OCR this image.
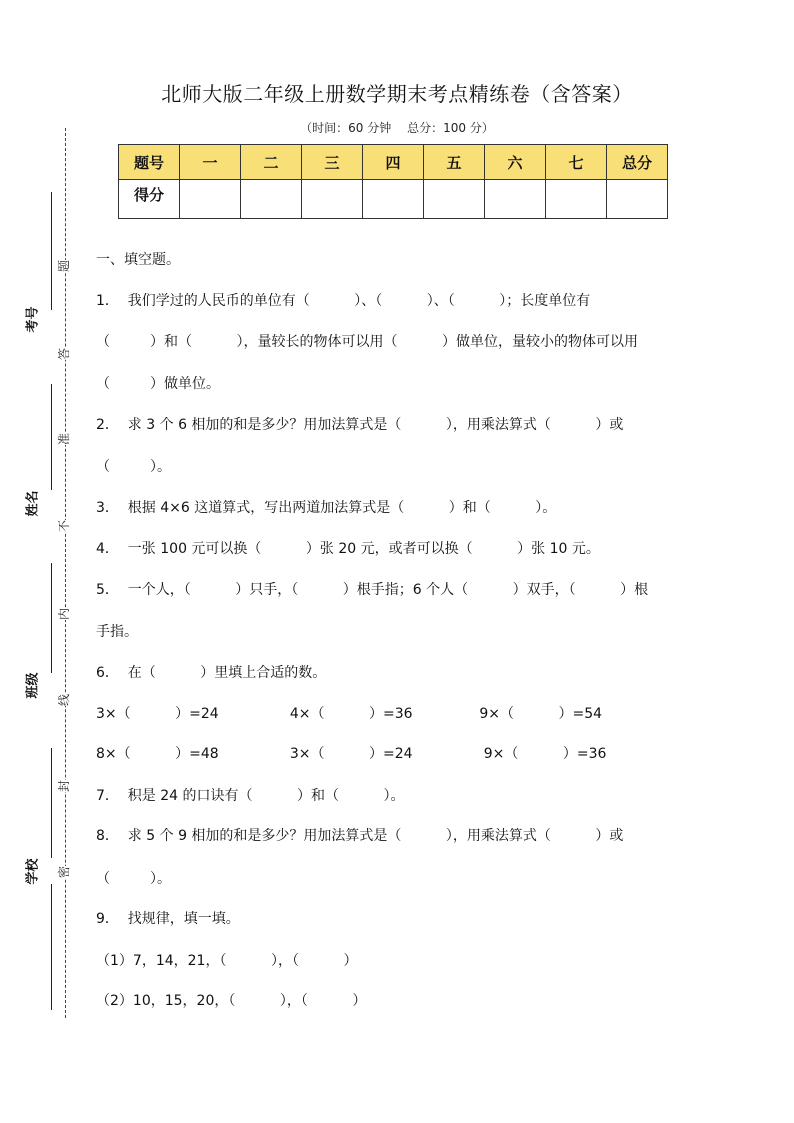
题
答
准
不
内
线
封
密
考号
姓名
班级
学校
北师大版二年级上册数学期末考点精练卷（含答案）
（时间：60 分钟 总分：100 分）
题号	一	二	三	四	五	六	七	总分
得分								
一、填空题。
1．  我们学过的人民币的单位有（          ）、（          ）、（          ）；长度单位有
（         ）和（          ），量较长的物体可以用（          ）做单位，量较小的物体可以用
（         ）做单位。
2．  求 3 个 6 相加的和是多少？用加法算式是（          ），用乘法算式（          ）或
（         ）。
3．  根据 4×6 这道算式，写出两道加法算式是（          ）和（          ）。
4．  一张 100 元可以换（          ）张 20 元，或者可以换（          ）张 10 元。
5．  一个人，（          ）只手，（          ）根手指；6 个人（          ）双手，（          ）根
手指。
6．  在（          ）里填上合适的数。
3×（          ）=24                4×（          ）=36               9×（          ）=54
8×（          ）=48                3×（          ）=24                9×（          ）=36
7．  积是 24 的口诀有（          ）和（          ）。
8．  求 5 个 9 相加的和是多少？用加法算式是（          ），用乘法算式（          ）或
（         ）。
9．  找规律，填一填。
（1）7，14，21，（          ），（          ）
（2）10，15，20，（          ），（          ）
